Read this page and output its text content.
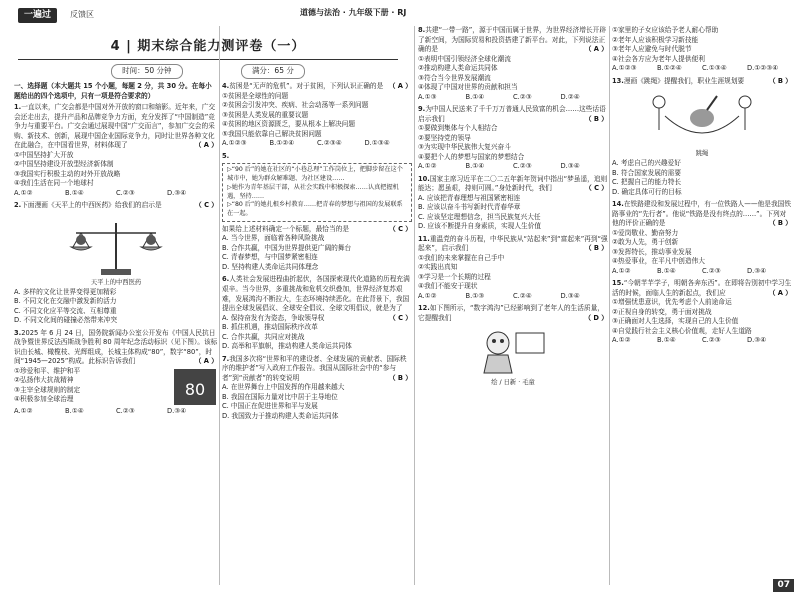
一遍过	反馈区	道德与法治 · 九年级下册 · RJ
4 | 期末综合能力测评卷（一）
时间：50 分钟	满分：65 分
一、选择题（本大题共 15 个小题，每题 2 分，共 30 分。在每小题给出的四个选项中，只有一项是符合要求的）
1.一直以来，广交会都是中国对外开放的窗口和缩影。近年来，广交会还走出去，提升产品和品牌竞争力方面，充分发挥了“中国制造”竞争力与重要平台。广交会通过展现中国“广交而言”，参加广交会的采购、新技术、创新，展现中国企业国际竞争力，同时让世界各种文化在此融合，在中国看世界，材料体现了	（ A ）
①中国坚持扩大开放
②中国坚持建设开放型经济新体制
③我国实行积极主动的对外开放战略
④我们生活在同一个地球村
A.①②	B.①④	C.②③	D.③④
2.下面漫画《天平上的中西医药》给我们的启示是	（ C ）
天平上的中西医药
A. 多样的文化让世界变得更加精彩
B. 不同文化在交融中激发新的活力
C. 不同文化应平等交流、互相尊重
D. 不同文化间的碰撞必然带来冲突
3.2025 年 6 月 24 日，国务院新闻办公室公开发布《中国人民抗日战争暨世界反法西斯战争胜利 80 周年纪念活动标识（见下图）。该标识由长城、橄榄枝、光辉组成，长城主体构成“80”，数字“80”，时间“1945—2025”构成。此标识告诉我们	（ A ）
①珍爱和平、维护和平
②弘扬伟大抗战精神
③主宰全球规则的制定
④积极参加全球治理
80
A.①②	B.①④	C.②③	D.③④
4.贫困是“无声的危机”。对于贫困，下列认识正确的是 （ A ）
①贫困是全球性的问题
②贫困会引发冲突、疾病、社会动荡等一系列问题
③贫困是人类发展的重要议题
④贫困的地区资源匮乏，要从根本上解决问题
⑤我国只能依靠自己解决贫困问题
A.①②③	B.①②④	C.②③④	D.①③④
5.
▷“90 后”的她在社区的“小巷总理”工作岗位上，把脚步留在这个城市中，她为群众解难题、为社区建设……
▷她作为青年基层干部，从社会实践中积极探索……认真把握机遇，坚持……
▷“80 后”的她扎根乡村教育……把青春的梦想与祖国的发展联系在一起。
如果给上述材料确定一个标题，最恰当的是	（ C ）
A. 当今世界，面临着各种风险挑战
B. 合作共赢，中国为世界提供更广阔的舞台
C. 青春梦想，与中国梦紧密相连
D. 坚持构建人类命运共同体理念
6.人类社会发展进程曲折起伏，各国探索现代化道路的历程充满艰辛。当今世界，多重挑战和危机交织叠加，世界经济复苏艰难，发展鸿沟不断拉大，生态环境持续恶化。在此背景下，我国提出全球发展倡议、全球安全倡议、全球文明倡议，就是为了
（ C ）
A. 保持奋发有为姿态，争取领导权
B. 抓住机遇，推动国际秩序改革
C. 合作共赢，共同应对挑战
D. 高举和平旗帜，推动构建人类命运共同体
7.我国多次将“世界和平的建设者、全球发展的贡献者、国际秩序的维护者”写入政府工作报告。我国从国际社会中的“参与者”到“贡献者”的转变说明	（ B ）
A. 在世界舞台上中国发挥的作用越来越大
B. 我国在国际力量对比中居于主导地位
C. 中国正在促进世界和平与发展
D. 我国致力于推动构建人类命运共同体
8.共建“一带一路”，源于中国而属于世界，为世界经济增长开辟了新空间，为国际贸易和投资搭建了新平台。对此，下列说法正确的是	（ A ）
①表明中国引领经济全球化潮流
②推动构建人类命运共同体
③符合当今世界发展潮流
④体现了中国对世界的贡献和担当
A.①③	B.①④	C.②③	D.②④
9.为中国人民送来了千千万万普通人民致富的机会……这些话语启示我们	（ B ）
①要做到集体与个人相结合
②要坚持党的领导
③为实现中华民族伟大复兴奋斗
④要把个人的梦想与国家的梦想结合
A.①②	B.①④	C.②③	D.③④
10.国家主席习近平在二〇二五年新年贺词中指出“梦虽遥，追则能达；愿虽艰，持则可圆。”身处新时代，我们	（ C ）
A. 应该把青春理想与祖国紧密相连
B. 应该以奋斗书写新时代青春华章
C. 应该坚定理想信念，担当民族复兴大任
D. 应该不断提升自身素质，实现人生价值
11.重温党的奋斗历程，中华民族从“站起来”到“富起来”再到“强起来”，启示我们	（ B ）
①我们的未来掌握在自己手中
②实践出真知
③学习是一个长期的过程
④我们不能安于现状
A.①②	B.①③	C.②④	D.③④
12.如下图所示，“数字鸿沟”已经影响到了老年人的生活质量，它提醒我们	（ D ）
绘 / 日新 · 毛童
①家里的子女应该给予老人耐心帮助
②老年人应该积极学习新技能
③老年人应避免与时代脱节
④社会各方应为老年人提供便利
A.①②③	B.①②④	C.①③④	D.①②③④
13.漫画《跳绳》提醒我们，职业生涯规划要	（ B ）
跳绳
A. 考虑自己的兴趣爱好
B. 符合国家发展的需要
C. 把握自己的能力特长
D. 确定具体可行的目标
14.在铁路建设和发展过程中，有一位铁路人——他是我国铁路事业的“先行者”。他说“铁路是没有终点的……”。下列对他的评价正确的是	（ B ）
①爱岗敬业、勤奋努力
②敢为人先，勇于创新
③发挥特长，推动事业发展
④热爱事业，在平凡中创造伟大
A.①②	B.①④	C.②③	D.③④
15.“今朝芊芊学子，明朝各奔东西”。在即将告别初中学习生活的时候，面临人生的新起点，我们应	（ A ）
①增强忧患意识，优先考虑个人前途命运
②正视自身的转变，勇于面对挑战
③正确面对人生选择，实现自己的人生价值
④自觉践行社会主义核心价值观，走好人生道路
A.①②	B.①④	C.②③	D.③④
07
